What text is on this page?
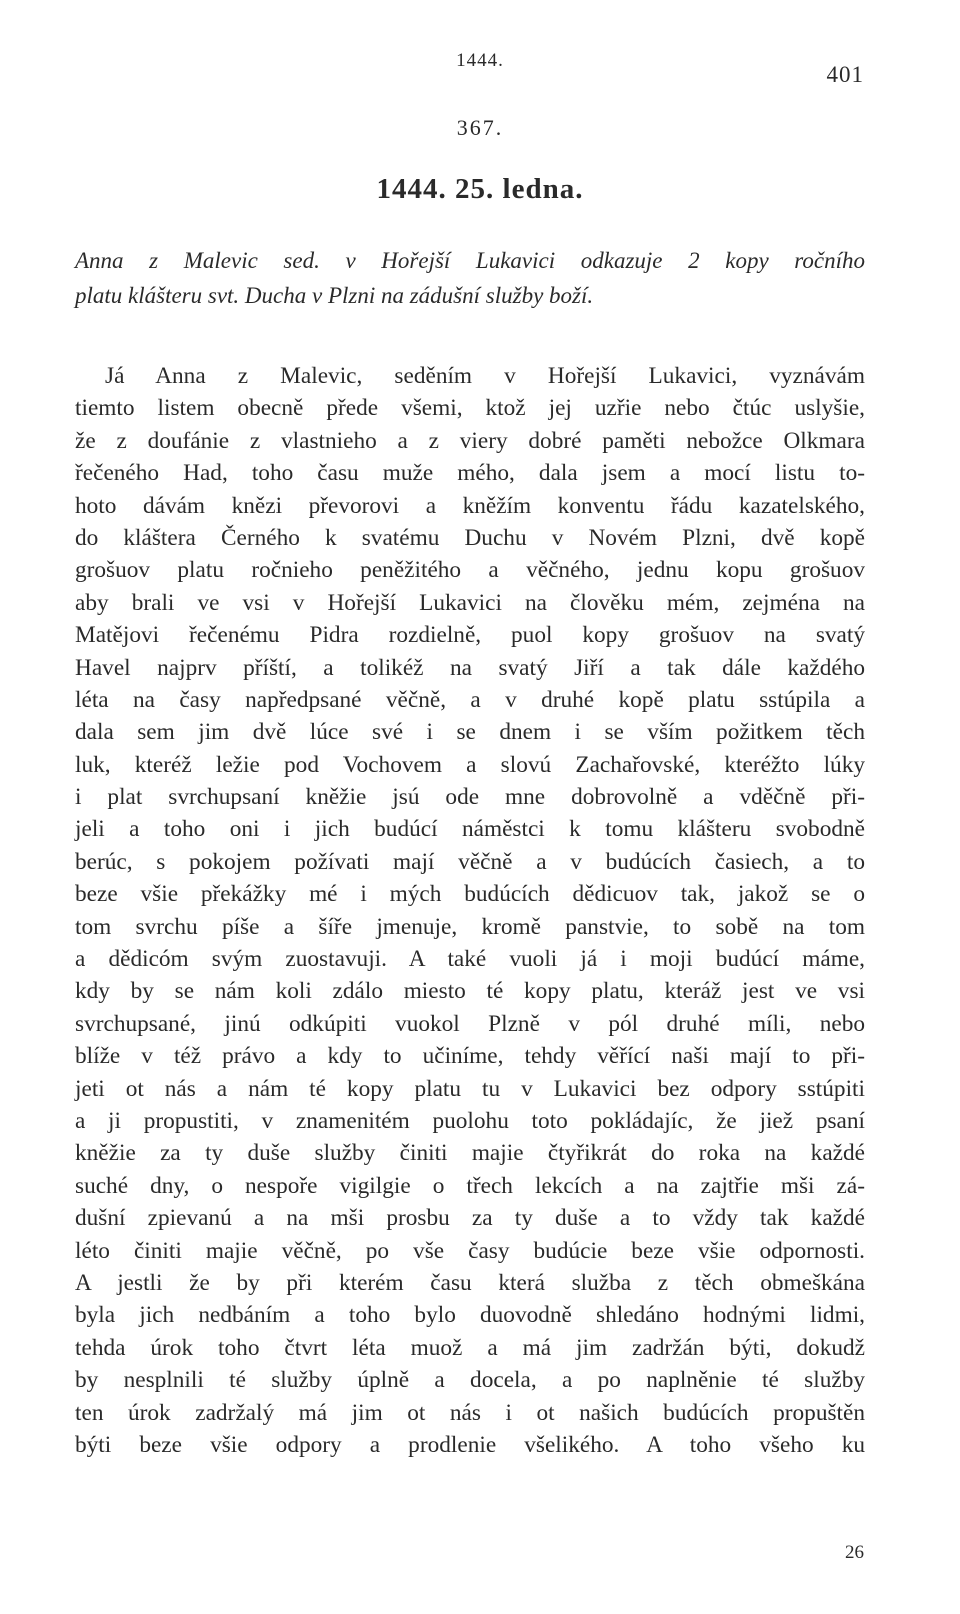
1444.
401
367.
1444. 25. ledna.
Anna z Malevic sed. v Hořejší Lukavici odkazuje 2 kopy ročního
platu klášteru svt. Ducha v Plzni na zádušní služby boží.
Já Anna z Malevic, seděním v Hořejší Lukavici, vyznávám
tiemto listem obecně přede všemi, ktož jej uzřie nebo čtúc uslyšie,
že z doufánie z vlastnieho a z viery dobré paměti nebožce Olkmara
řečeného Had, toho času muže mého, dala jsem a mocí listu to-
hoto dávám knězi převorovi a kněžím konventu řádu kazatelského,
do kláštera Černého k svatému Duchu v Novém Plzni, dvě kopě
grošuov platu ročnieho peněžitého a věčného, jednu kopu grošuov
aby brali ve vsi v Hořejší Lukavici na člověku mém, zejména na
Matějovi řečenému Pidra rozdielně, puol kopy grošuov na svatý
Havel najprv příští, a tolikéž na svatý Jiří a tak dále každého
léta na časy napředpsané věčně, a v druhé kopě platu sstúpila a
dala sem jim dvě lúce své i se dnem i se vším požitkem těch
luk, kteréž ležie pod Vochovem a slovú Zachařovské, kteréžto lúky
i plat svrchupsaní kněžie jsú ode mne dobrovolně a vděčně při-
jeli a toho oni i jich budúcí náměstci k tomu klášteru svobodně
berúc, s pokojem požívati mají věčně a v budúcích časiech, a to
beze všie překážky mé i mých budúcích dědicuov tak, jakož se o
tom svrchu píše a šíře jmenuje, kromě panstvie, to sobě na tom
a dědicóm svým zuostavuji. A také vuoli já i moji budúcí máme,
kdy by se nám koli zdálo miesto té kopy platu, kteráž jest ve vsi
svrchupsané, jinú odkúpiti vuokol Plzně v pól druhé míli, nebo
blíže v též právo a kdy to učiníme, tehdy věřící naši mají to při-
jeti ot nás a nám té kopy platu tu v Lukavici bez odpory sstúpiti
a ji propustiti, v znamenitém puolohu toto pokládajíc, že jiež psaní
kněžie za ty duše služby činiti majie čtyřikrát do roka na každé
suché dny, o nespoře vigilgie o třech lekcích a na zajtřie mši zá-
dušní zpievanú a na mši prosbu za ty duše a to vždy tak každé
léto činiti majie věčně, po vše časy budúcie beze všie odpornosti.
A jestli že by při kterém času která služba z těch obmeškána
byla jich nedbáním a toho bylo duovodně shledáno hodnými lidmi,
tehda úrok toho čtvrt léta muož a má jim zadržán býti, dokudž
by nesplnili té služby úplně a docela, a po naplněnie té služby
ten úrok zadržalý má jim ot nás i ot našich budúcích propuštěn
býti beze všie odpory a prodlenie všelikého. A toho všeho ku
26
